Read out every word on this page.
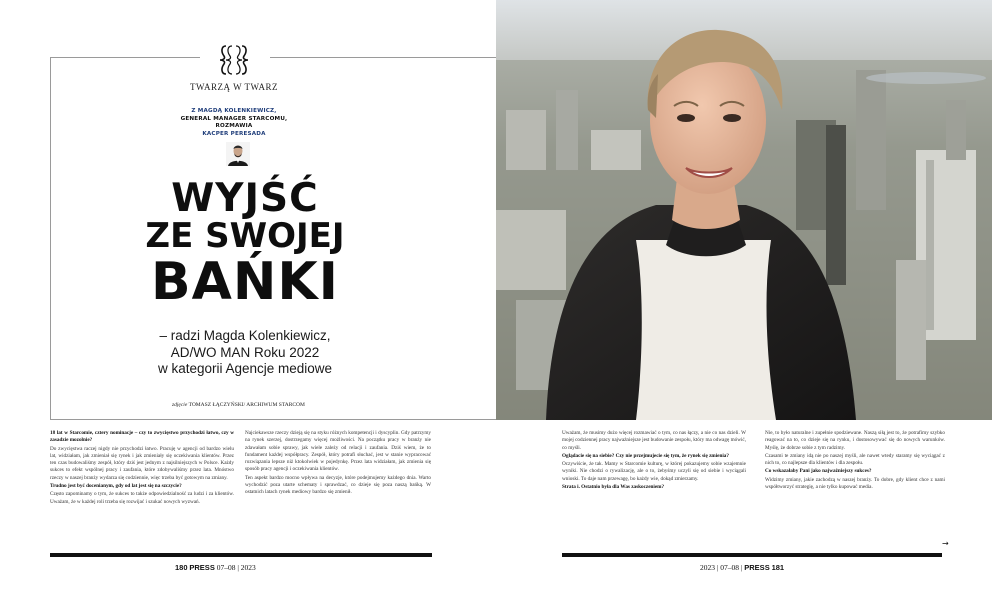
TWARZĄ W TWARZ
Z MAGDĄ KOLENKIEWICZ,
GENERAL MANAGER STARCOMU,
ROZMAWIA
KACPER PERESADA
WYJŚĆ
ZE SWOJEJ
BAŃKI
– radzi Magda Kolenkiewicz,
AD/WO MAN Roku 2022
w kategorii Agencje mediowe
zdjęcie TOMASZ ŁĄCZYŃSKI/ ARCHIWUM STARCOM

18 lat w Starcomie, cztery nominacje – czy to zwycięstwo przychodzi łatwo, czy w zasadzie mozolnie?

Do zwycięstwa raczej nigdy nie przychodzi łatwo. Pracuję w agencji od bardzo wielu lat, widziałam, jak zmieniał się rynek i jak zmieniały się oczekiwania klientów. Przez ten czas budowaliśmy zespół, który dziś jest jednym z najsilniejszych w Polsce. Każdy sukces to efekt wspólnej pracy i zaufania, które zdobywaliśmy przez lata. Mnóstwo rzeczy w naszej branży wydarza się codziennie, więc trzeba być gotowym na zmiany.

Trudno jest być docenianym, gdy od lat jest się na szczycie?

Często zapominamy o tym, że sukces to także odpowiedzialność za ludzi i za klientów. Uważam, że w każdej roli trzeba się rozwijać i szukać nowych wyzwań.

Najciekawsze rzeczy dzieją się na styku różnych kompetencji i dyscyplin. Gdy patrzymy na rynek szerzej, dostrzegamy więcej możliwości. Na początku pracy w branży nie zdawałam sobie sprawy, jak wiele zależy od relacji i zaufania. Dziś wiem, że to fundament każdej współpracy. Zespół, który potrafi słuchać, jest w stanie wypracować rozwiązania lepsze niż ktokolwiek w pojedynkę. Przez lata widziałam, jak zmienia się sposób pracy agencji i oczekiwania klientów.

Ten aspekt bardzo mocno wpływa na decyzje, które podejmujemy każdego dnia. Warto wychodzić poza utarte schematy i sprawdzać, co dzieje się poza naszą bańką. W ostatnich latach rynek mediowy bardzo się zmienił.

Uważam, że musimy dużo więcej rozmawiać o tym, co nas łączy, a nie co nas dzieli. W mojej codziennej pracy najważniejsze jest budowanie zespołu, który ma odwagę mówić, co myśli.

Oglądacie się na siebie? Czy nie przejmujecie się tym, że rynek się zmienia?

Oczywiście, że tak. Mamy w Starcomie kulturę, w której pokazujemy sobie wzajemnie wyniki. Nie chodzi o rywalizację, ale o to, żebyśmy uczyli się od siebie i wyciągali wnioski. To daje nam przewagę, bo każdy wie, dokąd zmierzamy.

Strata i. Ostatnio była dla Was zaskoczeniem?

Nie, to było naturalne i zupełnie spodziewane. Naszą siłą jest to, że potrafimy szybko reagować na to, co dzieje się na rynku, i dostosowywać się do nowych warunków. Myślę, że dobrze sobie z tym radzimy.

Czasami te zmiany idą nie po naszej myśli, ale nawet wtedy staramy się wyciągać z nich to, co najlepsze dla klientów i dla zespołu.

Co wskazałaby Pani jako najważniejszy sukces?

Widzimy zmiany, jakie zachodzą w naszej branży. To dobre, gdy klient chce z nami współtworzyć strategię, a nie tylko kupować media.

→
180 PRESS 07–08 | 2023	2023 | 07–08 | PRESS 181
